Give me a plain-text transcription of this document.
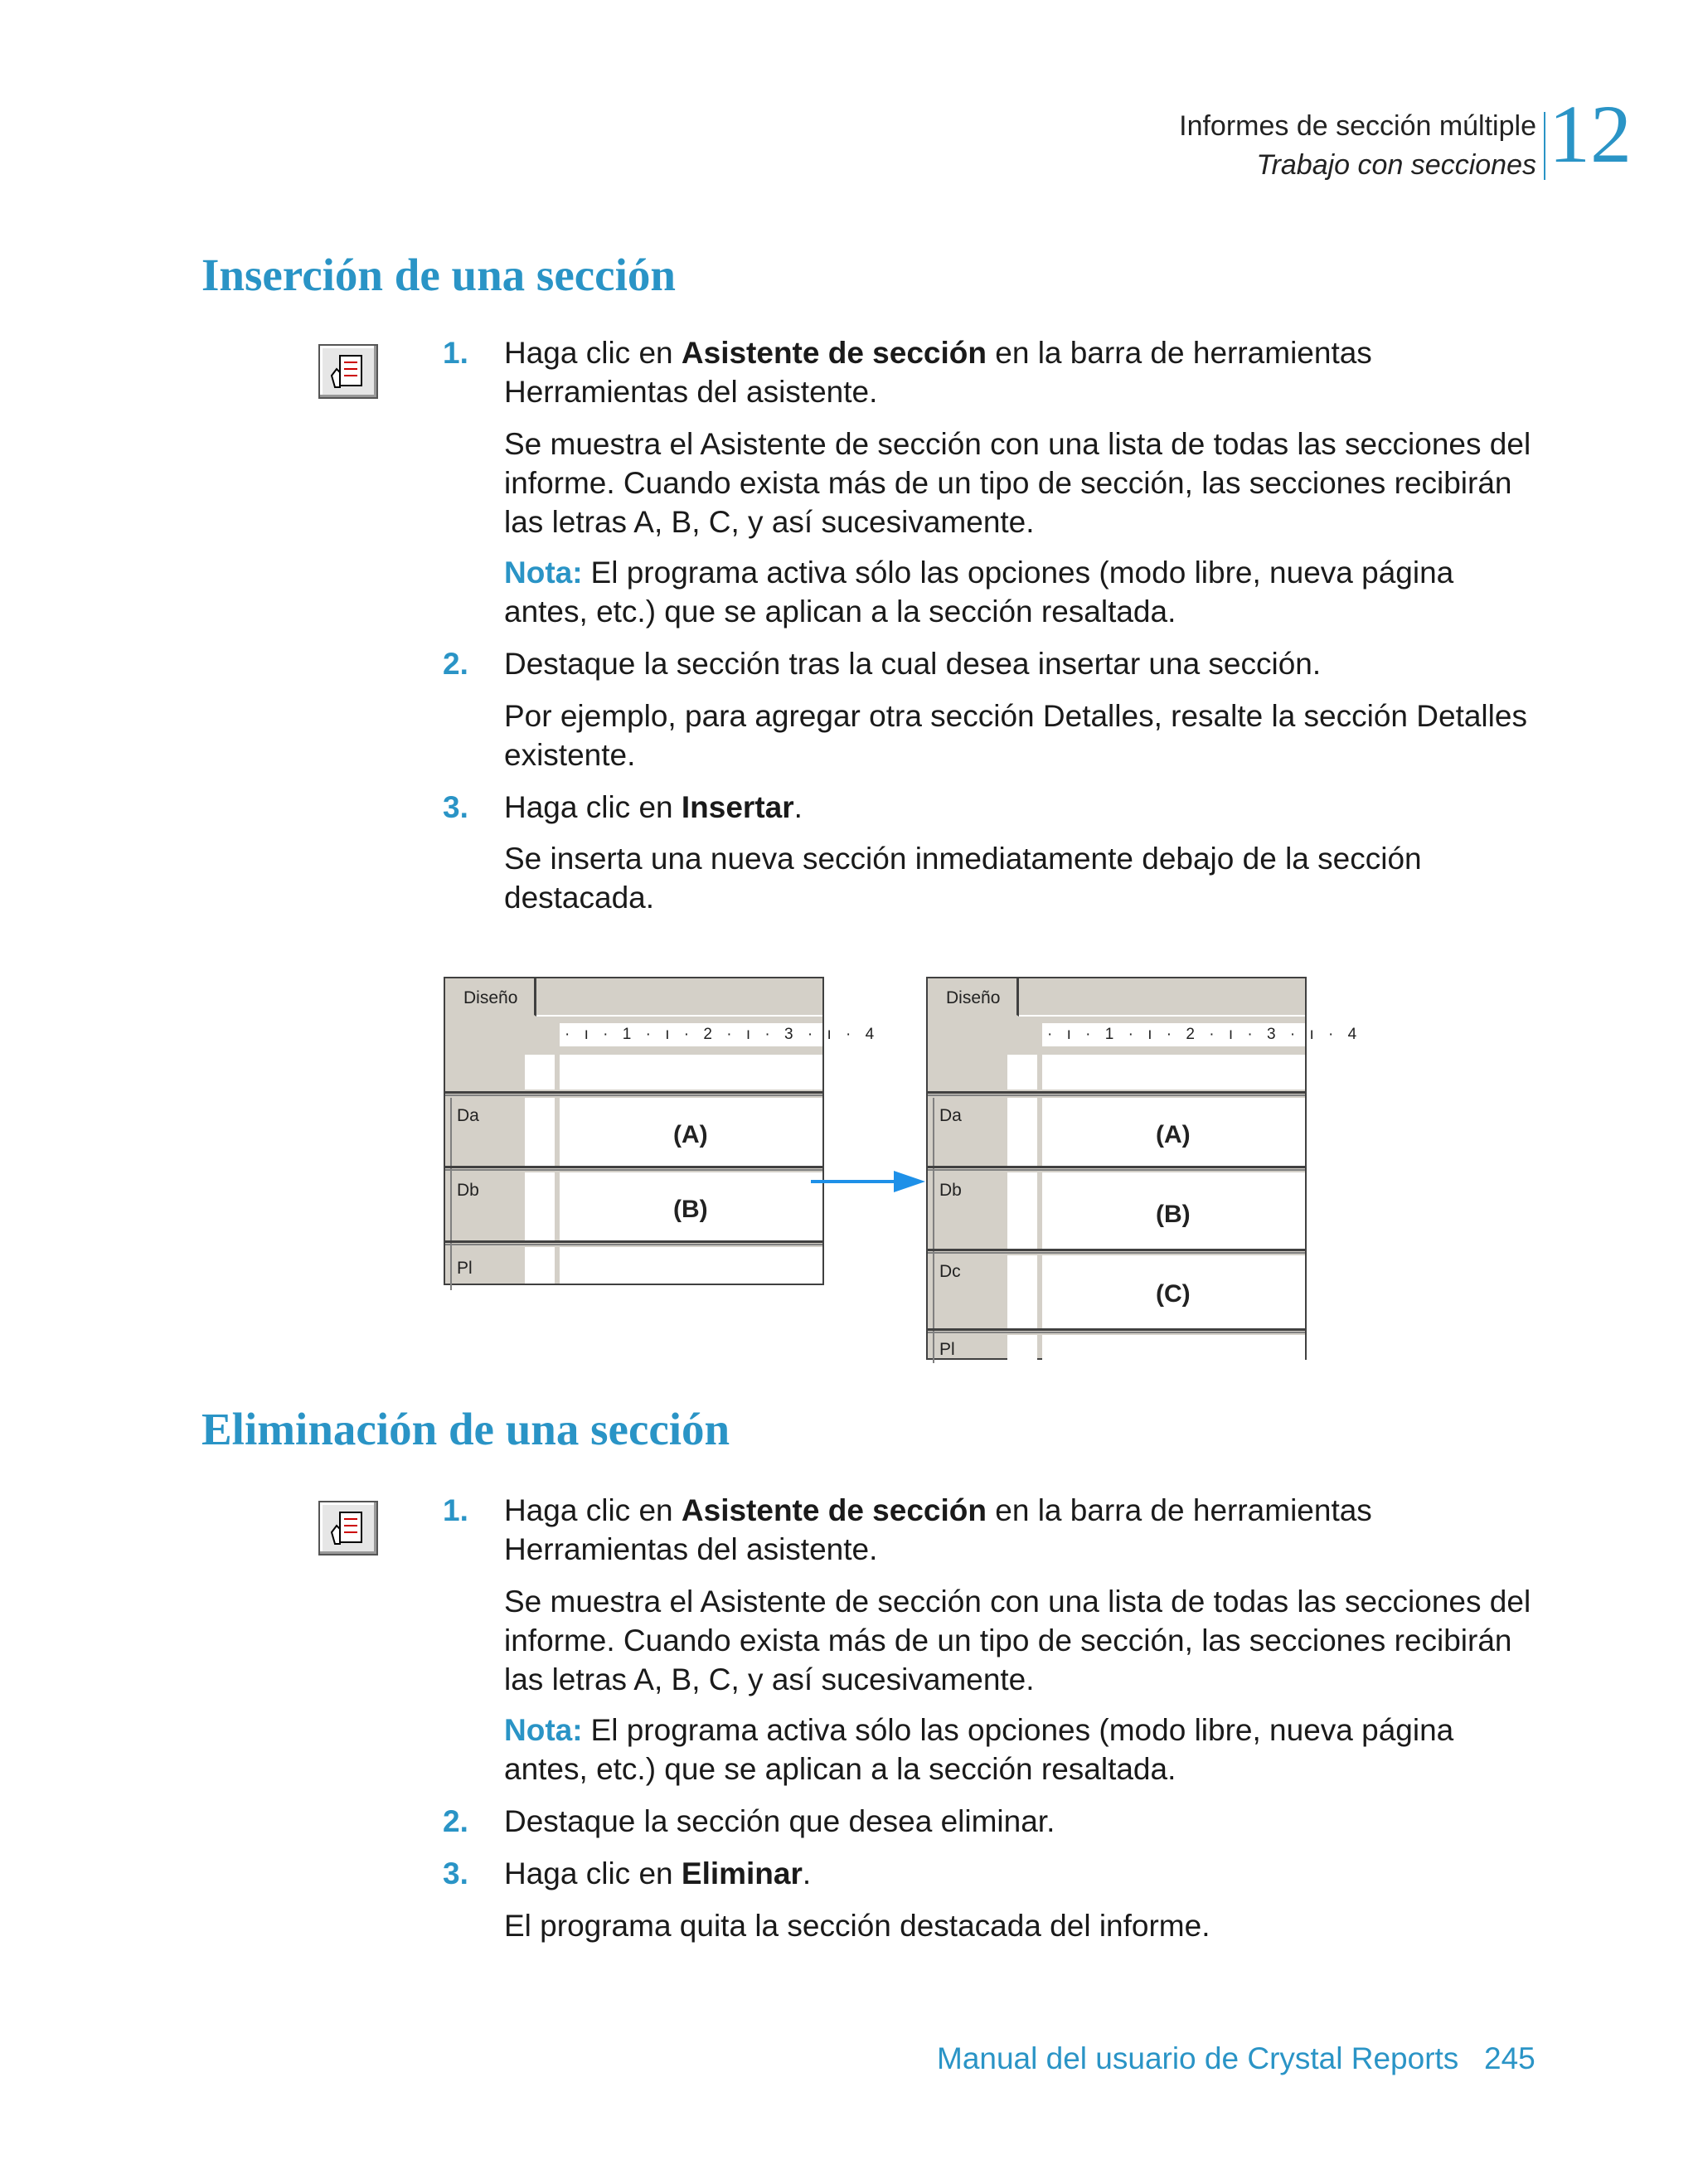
Informes de sección múltiple
Trabajo con secciones 12
Inserción de una sección
1. Haga clic en Asistente de sección en la barra de herramientas Herramientas del asistente.
Se muestra el Asistente de sección con una lista de todas las secciones del informe. Cuando exista más de un tipo de sección, las secciones recibirán las letras A, B, C, y así sucesivamente.
Nota: El programa activa sólo las opciones (modo libre, nueva página antes, etc.) que se aplican a la sección resaltada.
2. Destaque la sección tras la cual desea insertar una sección.
Por ejemplo, para agregar otra sección Detalles, resalte la sección Detalles existente.
3. Haga clic en Insertar.
Se inserta una nueva sección inmediatamente debajo de la sección destacada.
Diseño
· ı · 1 · ı · 2 · ı · 3 · ı · 4
Da
(A)
Db
(B)
Pl
Diseño
· ı · 1 · ı · 2 · ı · 3 · ı · 4
Da
(A)
Db
(B)
Dc
(C)
Pl
Eliminación de una sección
1. Haga clic en Asistente de sección en la barra de herramientas Herramientas del asistente.
Se muestra el Asistente de sección con una lista de todas las secciones del informe. Cuando exista más de un tipo de sección, las secciones recibirán las letras A, B, C, y así sucesivamente.
Nota: El programa activa sólo las opciones (modo libre, nueva página antes, etc.) que se aplican a la sección resaltada.
2. Destaque la sección que desea eliminar.
3. Haga clic en Eliminar.
El programa quita la sección destacada del informe.
Manual del usuario de Crystal Reports 245
